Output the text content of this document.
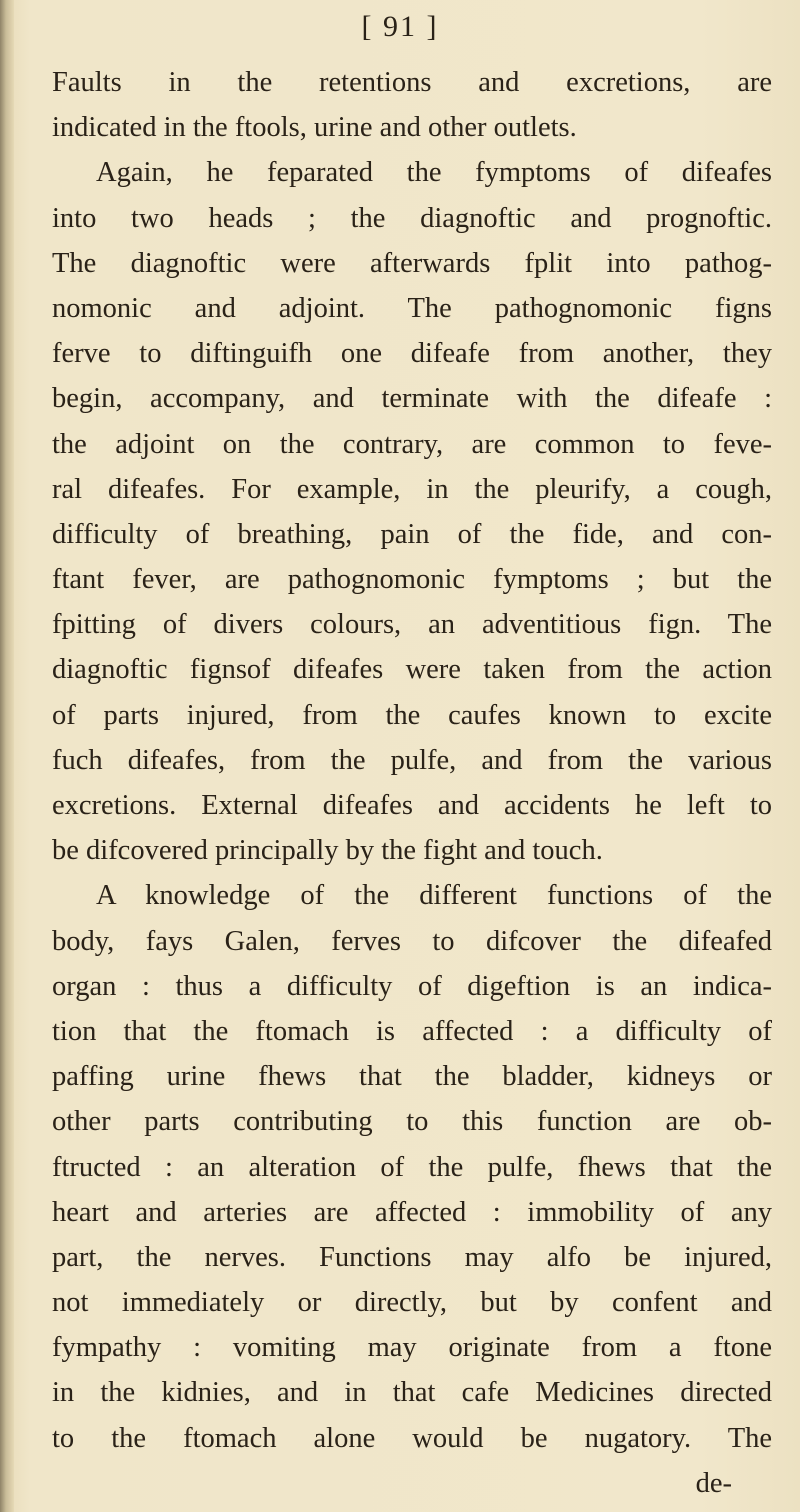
[ 91 ]
Faults in the retentions and excretions, are
indicated in the ftools, urine and other outlets.
Again, he feparated the fymptoms of difeafes
into two heads ; the diagnoftic and prognoftic.
The diagnoftic were afterwards fplit into pathog-
nomonic and adjoint. The pathognomonic figns
ferve to diftinguifh one difeafe from another, they
begin, accompany, and terminate with the difeafe :
the adjoint on the contrary, are common to feve-
ral difeafes. For example, in the pleurify, a cough,
difficulty of breathing, pain of the fide, and con-
ftant fever, are pathognomonic fymptoms ; but the
fpitting of divers colours, an adventitious fign. The
diagnoftic fignsof difeafes were taken from the action
of parts injured, from the caufes known to excite
fuch difeafes, from the pulfe, and from the various
excretions. External difeafes and accidents he left to
be difcovered principally by the fight and touch.
A knowledge of the different functions of the
body, fays Galen, ferves to difcover the difeafed
organ : thus a difficulty of digeftion is an indica-
tion that the ftomach is affected : a difficulty of
paffing urine fhews that the bladder, kidneys or
other parts contributing to this function are ob-
ftructed : an alteration of the pulfe, fhews that the
heart and arteries are affected : immobility of any
part, the nerves. Functions may alfo be injured,
not immediately or directly, but by confent and
fympathy : vomiting may originate from a ftone
in the kidnies, and in that cafe Medicines directed
to the ftomach alone would be nugatory. The
de-
